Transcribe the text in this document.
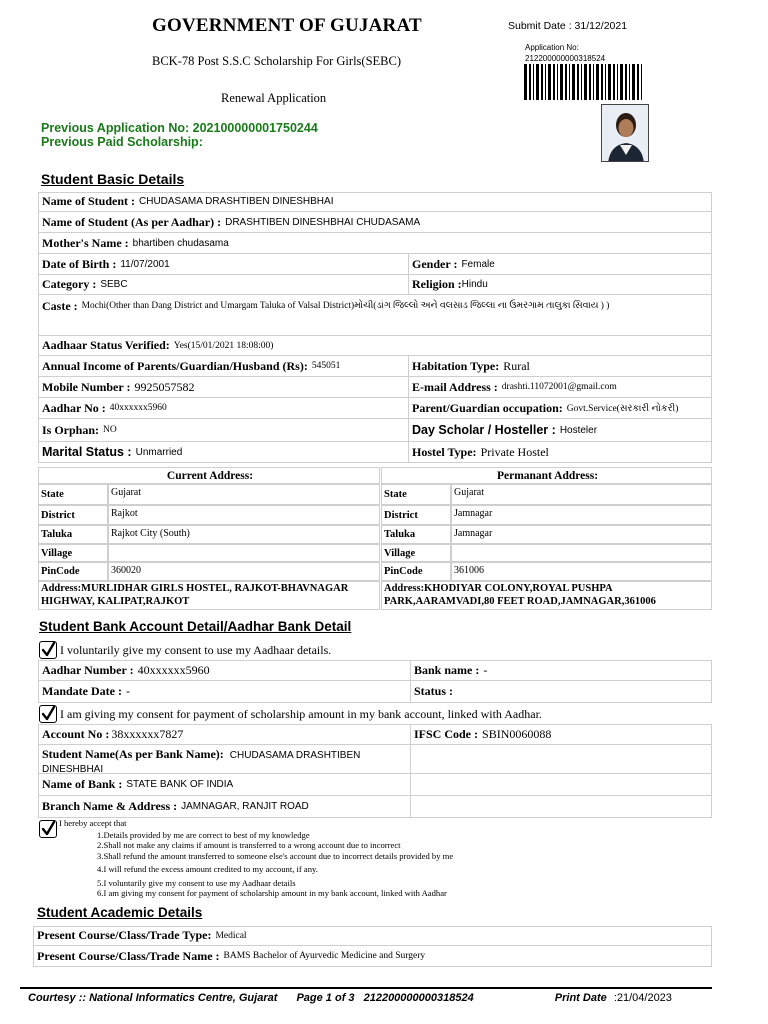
GOVERNMENT OF GUJARAT
BCK-78 Post S.S.C Scholarship For Girls(SEBC)
Renewal Application
Submit Date : 31/12/2021
Application No:
212200000000318524
Previous Application No: 202100000001750244
Previous Paid Scholarship:
Student Basic Details
Name of Student : CHUDASAMA DRASHTIBEN DINESHBHAI
Name of Student (As per Aadhar) : DRASHTIBEN DINESHBHAI CHUDASAMA
Mother's Name : bhartiben chudasama
Date of Birth : 11/07/2001	Gender : Female
Category : SEBC	Religion : Hindu
Caste : Mochi(Other than Dang District and Umargam Taluka of Valsal District)મોચી(ડાંગ જિલ્લો અને વલસાડ જિલ્લા ના ઉમરગામ તાલુકા સિવાય ) )
Aadhaar Status Verified: Yes(15/01/2021 18:08:00)
Annual Income of Parents/Guardian/Husband (Rs): 545051	Habitation Type: Rural
Mobile Number : 9925057582	E-mail Address : drashti.11072001@gmail.com
Aadhar No : 40xxxxxx5960	Parent/Guardian occupation: Govt.Service(સરકારી નોકરી)
Is Orphan: NO	Day Scholar / Hosteller : Hosteler
Marital Status : Unmarried	Hostel Type: Private Hostel
Current Address:	Permanant Address:
State	Gujarat	State	Gujarat
District	Rajkot	District	Jamnagar
Taluka	Rajkot City (South)	Taluka	Jamnagar
Village	Village
PinCode	360020	PinCode	361006
Address:MURLIDHAR GIRLS HOSTEL, RAJKOT-BHAVNAGAR HIGHWAY, KALIPAT,RAJKOT
Address:KHODIYAR COLONY,ROYAL PUSHPA PARK,AARAMVADI,80 FEET ROAD,JAMNAGAR,361006
Student Bank Account Detail/Aadhar Bank Detail
I voluntarily give my consent to use my Aadhaar details.
Aadhar Number : 40xxxxxx5960	Bank name : -
Mandate Date : -	Status :
I am giving my consent for payment of scholarship amount in my bank account, linked with Aadhar.
Account No : 38xxxxxx7827	IFSC Code : SBIN0060088
Student Name(As per Bank Name): CHUDASAMA DRASHTIBEN DINESHBHAI
Name of Bank : STATE BANK OF INDIA
Branch Name & Address : JAMNAGAR, RANJIT ROAD
I hereby accept that
1.Details provided by me are correct to best of my knowledge
2.Shall not make any claims if amount is transferred to a wrong account due to incorrect
3.Shall refund the amount transferred to someone else's account due to incorrect details provided by me
4.I will refund the excess amount credited to my account, if any.
5.I voluntarily give my consent to use my Aadhaar details
6.I am giving my consent for payment of scholarship amount in my bank account, linked with Aadhar
Student Academic Details
Present Course/Class/Trade Type: Medical
Present Course/Class/Trade Name : BAMS Bachelor of Ayurvedic Medicine and Surgery
Courtesy :: National Informatics Centre, Gujarat Page 1 of 3 212200000000318524	Print Date :21/04/2023
